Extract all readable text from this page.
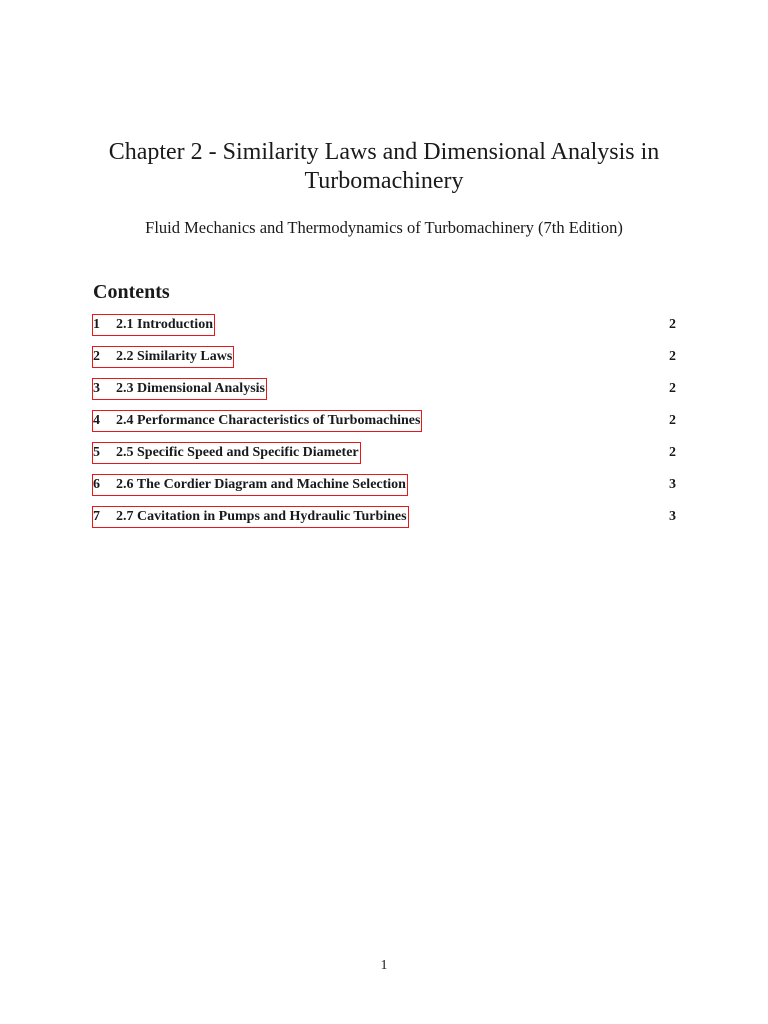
Chapter 2 - Similarity Laws and Dimensional Analysis in Turbomachinery

Fluid Mechanics and Thermodynamics of Turbomachinery (7th Edition)

Contents
1	2.1 Introduction	2
2	2.2 Similarity Laws	2
3	2.3 Dimensional Analysis	2
4	2.4 Performance Characteristics of Turbomachines	2
5	2.5 Specific Speed and Specific Diameter	2
6	2.6 The Cordier Diagram and Machine Selection	3
7	2.7 Cavitation in Pumps and Hydraulic Turbines	3
1
